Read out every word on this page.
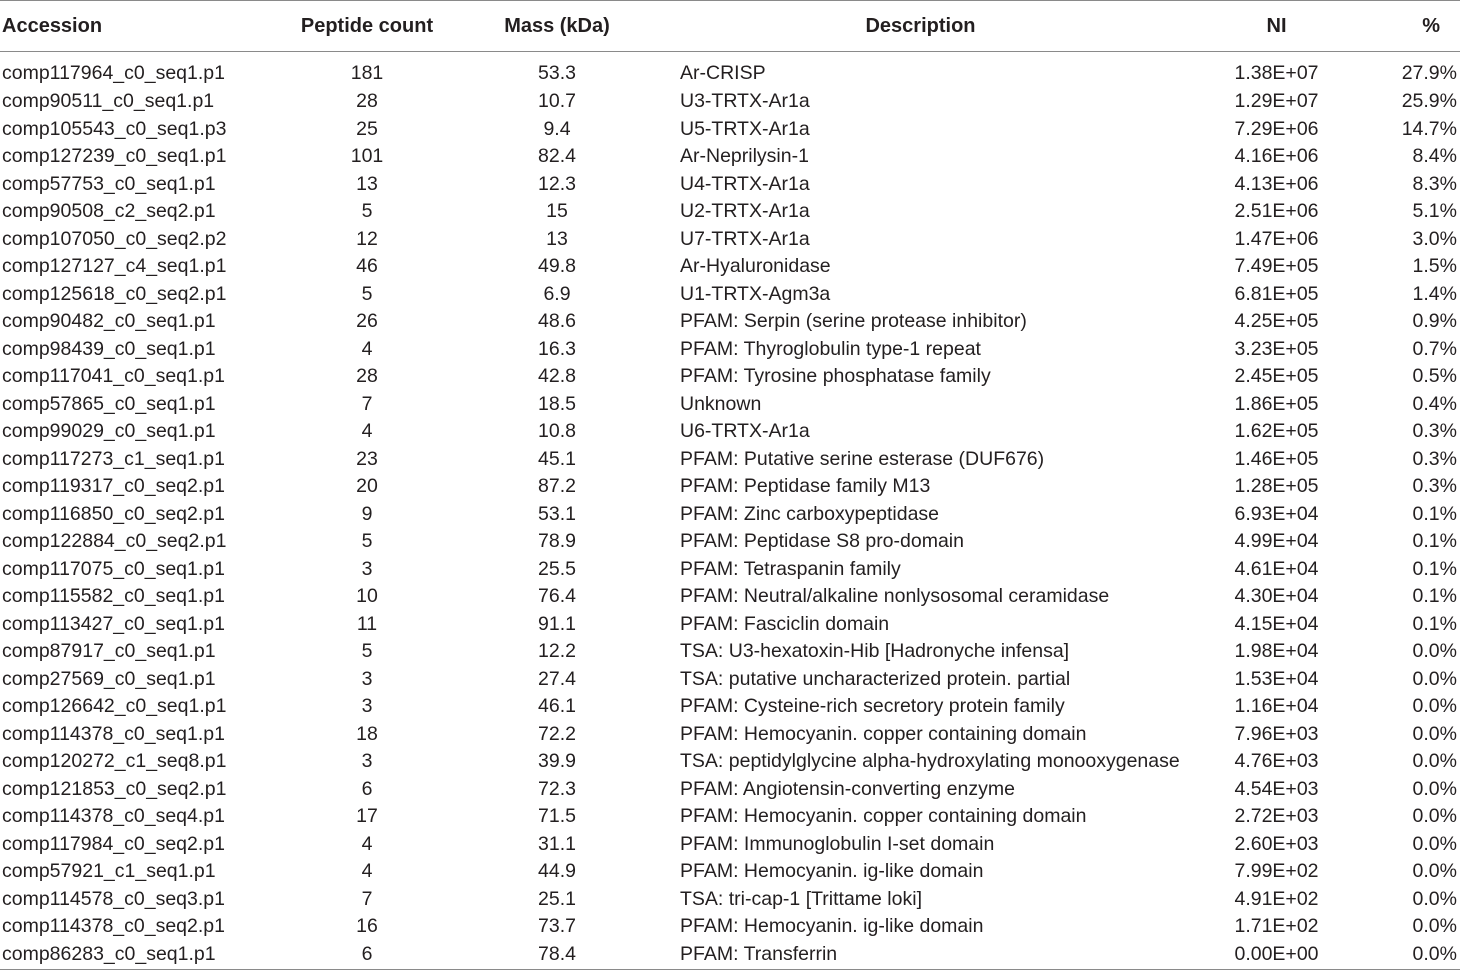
Accession	Peptide count	Mass (kDa)	Description	NI	%
comp117964_c0_seq1.p1	181	53.3	Ar-CRISP	1.38E+07	27.9%
comp90511_c0_seq1.p1	28	10.7	U3-TRTX-Ar1a	1.29E+07	25.9%
comp105543_c0_seq1.p3	25	9.4	U5-TRTX-Ar1a	7.29E+06	14.7%
comp127239_c0_seq1.p1	101	82.4	Ar-Neprilysin-1	4.16E+06	8.4%
comp57753_c0_seq1.p1	13	12.3	U4-TRTX-Ar1a	4.13E+06	8.3%
comp90508_c2_seq2.p1	5	15	U2-TRTX-Ar1a	2.51E+06	5.1%
comp107050_c0_seq2.p2	12	13	U7-TRTX-Ar1a	1.47E+06	3.0%
comp127127_c4_seq1.p1	46	49.8	Ar-Hyaluronidase	7.49E+05	1.5%
comp125618_c0_seq2.p1	5	6.9	U1-TRTX-Agm3a	6.81E+05	1.4%
comp90482_c0_seq1.p1	26	48.6	PFAM: Serpin (serine protease inhibitor)	4.25E+05	0.9%
comp98439_c0_seq1.p1	4	16.3	PFAM: Thyroglobulin type-1 repeat	3.23E+05	0.7%
comp117041_c0_seq1.p1	28	42.8	PFAM: Tyrosine phosphatase family	2.45E+05	0.5%
comp57865_c0_seq1.p1	7	18.5	Unknown	1.86E+05	0.4%
comp99029_c0_seq1.p1	4	10.8	U6-TRTX-Ar1a	1.62E+05	0.3%
comp117273_c1_seq1.p1	23	45.1	PFAM: Putative serine esterase (DUF676)	1.46E+05	0.3%
comp119317_c0_seq2.p1	20	87.2	PFAM: Peptidase family M13	1.28E+05	0.3%
comp116850_c0_seq2.p1	9	53.1	PFAM: Zinc carboxypeptidase	6.93E+04	0.1%
comp122884_c0_seq2.p1	5	78.9	PFAM: Peptidase S8 pro-domain	4.99E+04	0.1%
comp117075_c0_seq1.p1	3	25.5	PFAM: Tetraspanin family	4.61E+04	0.1%
comp115582_c0_seq1.p1	10	76.4	PFAM: Neutral/alkaline nonlysosomal ceramidase	4.30E+04	0.1%
comp113427_c0_seq1.p1	11	91.1	PFAM: Fasciclin domain	4.15E+04	0.1%
comp87917_c0_seq1.p1	5	12.2	TSA: U3-hexatoxin-Hib [Hadronyche infensa]	1.98E+04	0.0%
comp27569_c0_seq1.p1	3	27.4	TSA: putative uncharacterized protein. partial	1.53E+04	0.0%
comp126642_c0_seq1.p1	3	46.1	PFAM: Cysteine-rich secretory protein family	1.16E+04	0.0%
comp114378_c0_seq1.p1	18	72.2	PFAM: Hemocyanin. copper containing domain	7.96E+03	0.0%
comp120272_c1_seq8.p1	3	39.9	TSA: peptidylglycine alpha-hydroxylating monooxygenase	4.76E+03	0.0%
comp121853_c0_seq2.p1	6	72.3	PFAM: Angiotensin-converting enzyme	4.54E+03	0.0%
comp114378_c0_seq4.p1	17	71.5	PFAM: Hemocyanin. copper containing domain	2.72E+03	0.0%
comp117984_c0_seq2.p1	4	31.1	PFAM: Immunoglobulin I-set domain	2.60E+03	0.0%
comp57921_c1_seq1.p1	4	44.9	PFAM: Hemocyanin. ig-like domain	7.99E+02	0.0%
comp114578_c0_seq3.p1	7	25.1	TSA: tri-cap-1 [Trittame loki]	4.91E+02	0.0%
comp114378_c0_seq2.p1	16	73.7	PFAM: Hemocyanin. ig-like domain	1.71E+02	0.0%
comp86283_c0_seq1.p1	6	78.4	PFAM: Transferrin	0.00E+00	0.0%
